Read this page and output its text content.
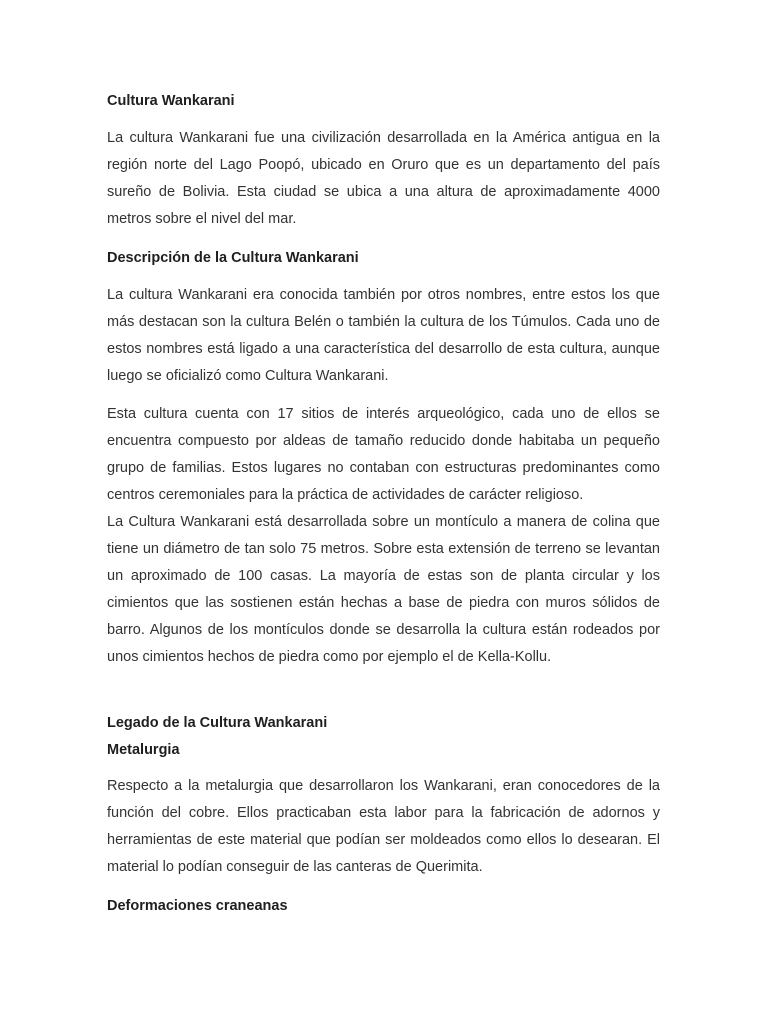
Cultura Wankarani

La cultura Wankarani fue una civilización desarrollada en la América antigua en la región norte del Lago Poopó, ubicado en Oruro que es un departamento del país sureño de Bolivia. Esta ciudad se ubica a una altura de aproximadamente 4000 metros sobre el nivel del mar.

Descripción de la Cultura Wankarani

La cultura Wankarani era conocida también por otros nombres, entre estos los que más destacan son la cultura Belén o también la cultura de los Túmulos. Cada uno de estos nombres está ligado a una característica del desarrollo de esta cultura, aunque luego se oficializó como Cultura Wankarani.

Esta cultura cuenta con 17 sitios de interés arqueológico, cada uno de ellos se encuentra compuesto por aldeas de tamaño reducido donde habitaba un pequeño grupo de familias. Estos lugares no contaban con estructuras predominantes como centros ceremoniales para la práctica de actividades de carácter religioso.

La Cultura Wankarani está desarrollada sobre un montículo a manera de colina que tiene un diámetro de tan solo 75 metros. Sobre esta extensión de terreno se levantan un aproximado de 100 casas. La mayoría de estas son de planta circular y los cimientos que las sostienen están hechas a base de piedra con muros sólidos de barro. Algunos de los montículos donde se desarrolla la cultura están rodeados por unos cimientos hechos de piedra como por ejemplo el de Kella-Kollu.

Legado de la Cultura Wankarani
Metalurgia

Respecto a la metalurgia que desarrollaron los Wankarani, eran conocedores de la función del cobre. Ellos practicaban esta labor para la fabricación de adornos y herramientas de este material que podían ser moldeados como ellos lo desearan. El material lo podían conseguir de las canteras de Querimita.

Deformaciones craneanas
